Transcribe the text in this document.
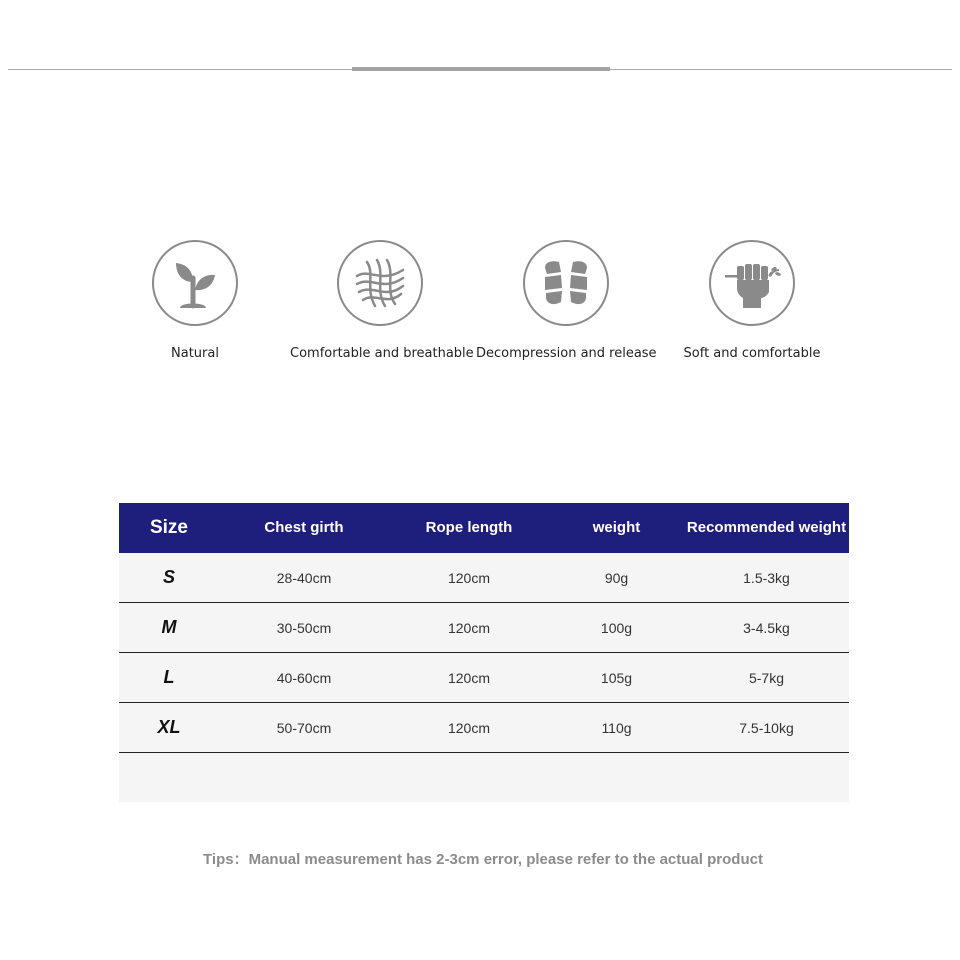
Natural	Comfortable and breathable Decompression and release	Soft and comfortable
Size	Chest girth	Rope length	weight	Recommended weight
S	28-40cm	120cm	90g	1.5-3kg
M	30-50cm	120cm	100g	3-4.5kg
L	40-60cm	120cm	105g	5-7kg
XL	50-70cm	120cm	110g	7.5-10kg
Tips：Manual measurement has 2-3cm error, please refer to the actual product
